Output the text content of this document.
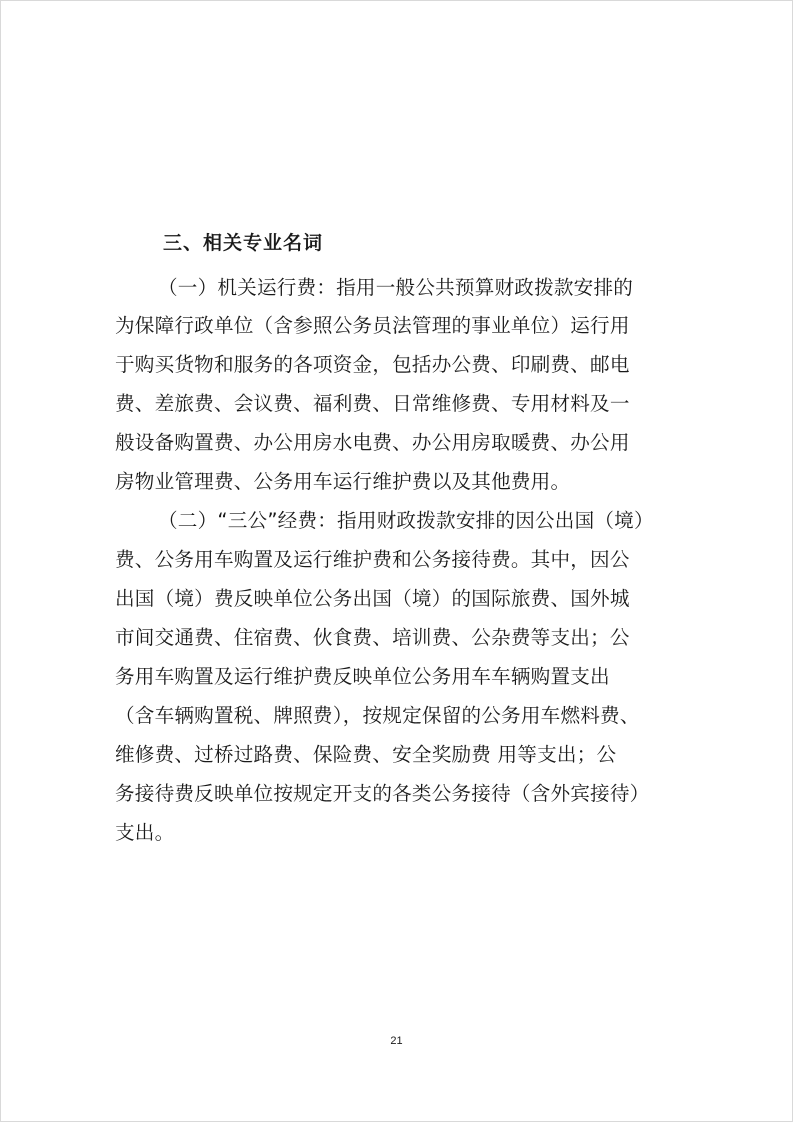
三、相关专业名词
（一）机关运行费：指用一般公共预算财政拨款安排的
为保障行政单位（含参照公务员法管理的事业单位）运行用
于购买货物和服务的各项资金，包括办公费、印刷费、邮电
费、差旅费、会议费、福利费、日常维修费、专用材料及一
般设备购置费、办公用房水电费、办公用房取暖费、办公用
房物业管理费、公务用车运行维护费以及其他费用。
（二）“三公”经费：指用财政拨款安排的因公出国（境）
费、公务用车购置及运行维护费和公务接待费。其中，因公
出国（境）费反映单位公务出国（境）的国际旅费、国外城
市间交通费、住宿费、伙食费、培训费、公杂费等支出；公
务用车购置及运行维护费反映单位公务用车车辆购置支出
（含车辆购置税、牌照费），按规定保留的公务用车燃料费、
维修费、过桥过路费、保险费、安全奖励费 用等支出；公
务接待费反映单位按规定开支的各类公务接待（含外宾接待）
支出。
21
